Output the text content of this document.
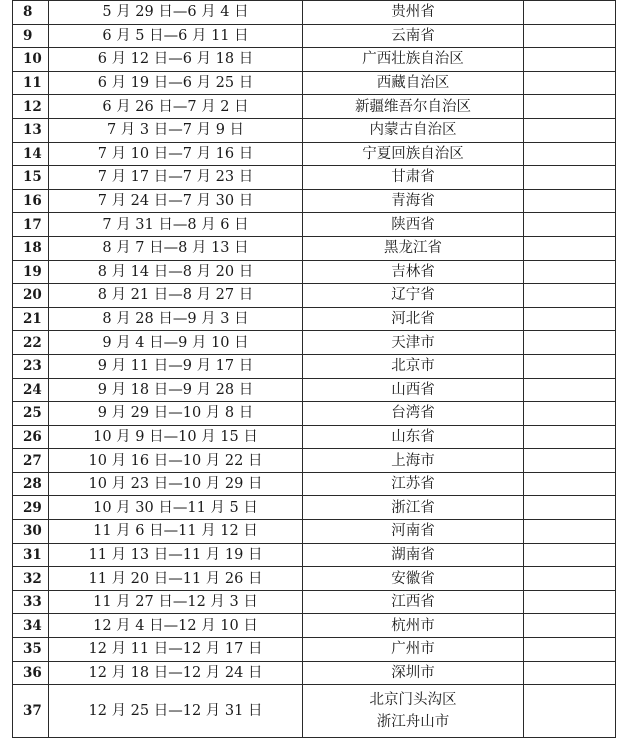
8	5 月 29 日—6 月 4 日	贵州省	

9	6 月 5 日—6 月 11 日	云南省	

10	6 月 12 日—6 月 18 日	广西壮族自治区	

11	6 月 19 日—6 月 25 日	西藏自治区	

12	6 月 26 日—7 月 2 日	新疆维吾尔自治区	

13	7 月 3 日—7 月 9 日	内蒙古自治区	

14	7 月 10 日—7 月 16 日	宁夏回族自治区	

15	7 月 17 日—7 月 23 日	甘肃省	

16	7 月 24 日—7 月 30 日	青海省	

17	7 月 31 日—8 月 6 日	陕西省	

18	8 月 7 日—8 月 13 日	黑龙江省	

19	8 月 14 日—8 月 20 日	吉林省	

20	8 月 21 日—8 月 27 日	辽宁省	

21	8 月 28 日—9 月 3 日	河北省	

22	9 月 4 日—9 月 10 日	天津市	

23	9 月 11 日—9 月 17 日	北京市	

24	9 月 18 日—9 月 28 日	山西省	

25	9 月 29 日—10 月 8 日	台湾省	

26	10 月 9 日—10 月 15 日	山东省	

27	10 月 16 日—10 月 22 日	上海市	

28	10 月 23 日—10 月 29 日	江苏省	

29	10 月 30 日—11 月 5 日	浙江省	

30	11 月 6 日—11 月 12 日	河南省	

31	11 月 13 日—11 月 19 日	湖南省	

32	11 月 20 日—11 月 26 日	安徽省	

33	11 月 27 日—12 月 3 日	江西省	

34	12 月 4 日—12 月 10 日	杭州市	

35	12 月 11 日—12 月 17 日	广州市	

36	12 月 18 日—12 月 24 日	深圳市	

37	12 月 25 日—12 月 31 日	北京门头沟区
浙江舟山市	
